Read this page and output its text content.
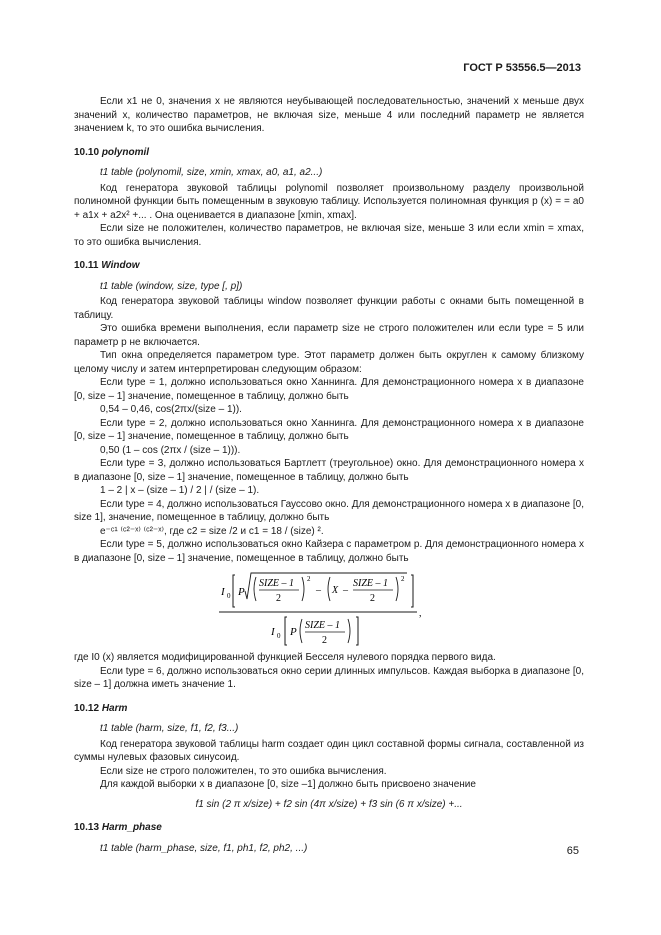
ГОСТ Р 53556.5—2013

Если x1 не 0, значения x не являются неубывающей последовательностью, значений x меньше двух значений x, количество параметров, не включая size, меньше 4 или последний параметр не является значением k, то это ошибка вычисления.

10.10 polynomil

t1 table (polynomil, size, xmin, xmax, a0, a1, a2...)

Код генератора звуковой таблицы polynomil позволяет произвольному разделу произвольной полиномной функции быть помещенным в звуковую таблицу. Используется полиномная функция p (x) = = a0 + a1x + a2x² +... . Она оценивается в диапазоне [xmin, xmax].

Если size не положителен, количество параметров, не включая size, меньше 3 или если xmin = xmax, то это ошибка вычисления.

10.11 Window

t1 table (window, size, type [, p])

Код генератора звуковой таблицы window позволяет функции работы с окнами быть помещенной в таблицу.

Это ошибка времени выполнения, если параметр size не строго положителен или если type = 5 или параметр p не включается.

Тип окна определяется параметром type. Этот параметр должен быть округлен к самому близкому целому числу и затем интерпретирован следующим образом:

Если type = 1, должно использоваться окно Ханнинга. Для демонстрационного номера x в диапазоне [0, size – 1] значение, помещенное в таблицу, должно быть

0,54 – 0,46, cos(2πx/(size – 1)).

Если type = 2, должно использоваться окно Ханнинга. Для демонстрационного номера x в диапазоне [0, size – 1] значение, помещенное в таблицу, должно быть

0,50 (1 – cos (2πx / (size – 1))).

Если type = 3, должно использоваться Бартлетт (треугольное) окно. Для демонстрационного номера x в диапазоне [0, size – 1] значение, помещенное в таблицу, должно быть

1 – 2 | x – (size – 1) / 2 | / (size – 1).

Если type = 4, должно использоваться Гауссово окно. Для демонстрационного номера x в диапазоне [0, size 1], значение, помещенное в таблицу, должно быть

e⁻ᶜ¹ ⁽ᶜ²⁻ˣ⁾ ⁽ᶜ²⁻ˣ⁾, где c2 = size /2 и c1 = 18 / (size) ².

Если type = 5, должно использоваться окно Кайзера с параметром p. Для демонстрационного номера x в диапазоне [0, size – 1] значение, помещенное в таблицу, должно быть

I 0 P
SIZE – 1
2
2
– X –
SIZE – 1
2
2
,
I 0 P
SIZE – 1
2

где I0 (x) является модифицированной функцией Бесселя нулевого порядка первого вида.

Если type = 6, должно использоваться окно серии длинных импульсов. Каждая выборка в диапазоне [0, size – 1] должна иметь значение 1.

10.12 Harm

t1 table (harm, size, f1, f2, f3...)

Код генератора звуковой таблицы harm создает один цикл составной формы сигнала, составленной из суммы нулевых фазовых синусоид.

Если size не строго положителен, то это ошибка вычисления.

Для каждой выборки x в диапазоне [0, size –1] должно быть присвоено значение

f1 sin (2 π x/size) + f2 sin (4π x/size) + f3 sin (6 π x/size) +...

10.13 Harm_phase

t1 table (harm_phase, size, f1, ph1, f2, ph2, ...)	65
